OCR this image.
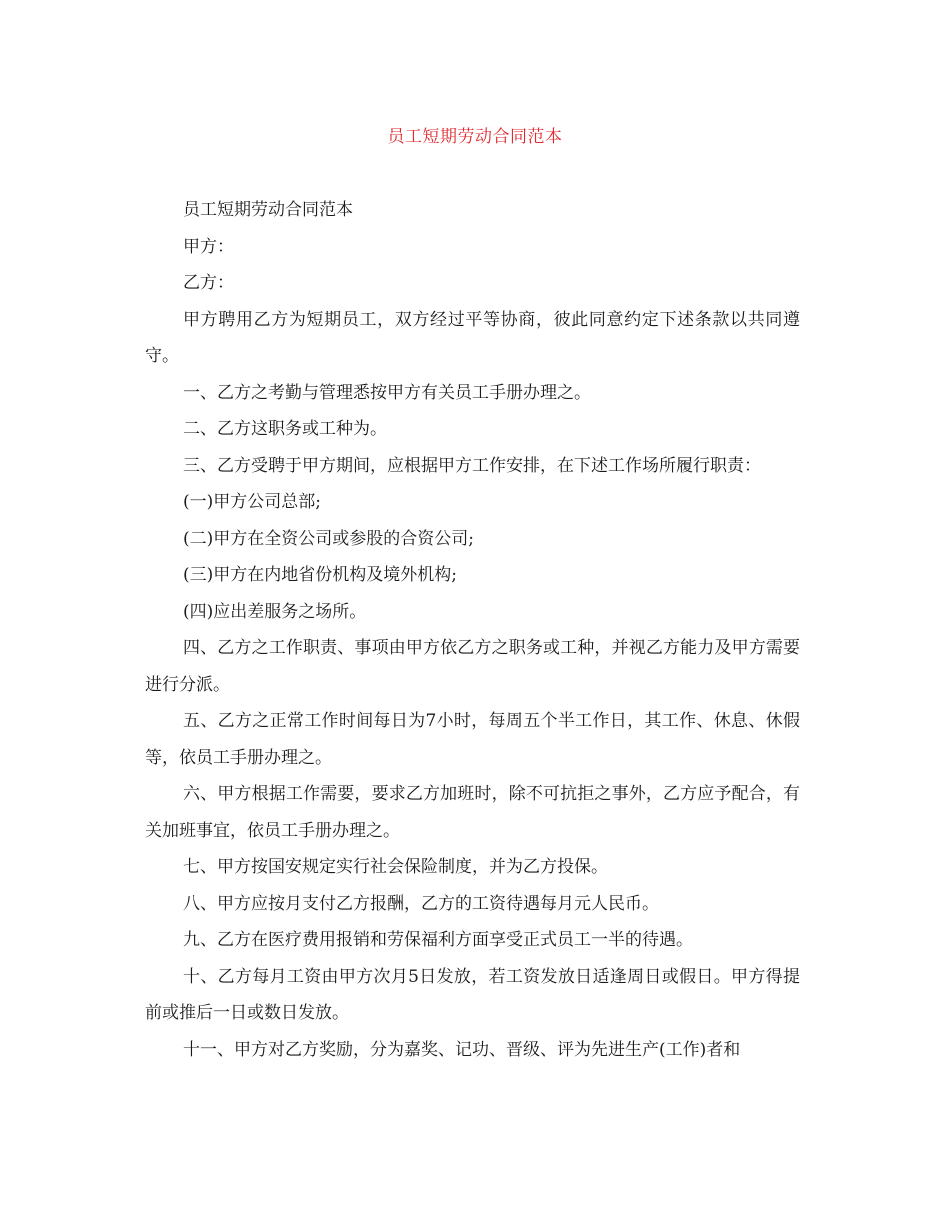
员工短期劳动合同范本

员工短期劳动合同范本

甲方：

乙方：

甲方聘用乙方为短期员工，双方经过平等协商，彼此同意约定下述条款以共同遵守。

一、乙方之考勤与管理悉按甲方有关员工手册办理之。

二、乙方这职务或工种为。

三、乙方受聘于甲方期间，应根据甲方工作安排，在下述工作场所履行职责：

(一)甲方公司总部;

(二)甲方在全资公司或参股的合资公司;

(三)甲方在内地省份机构及境外机构;

(四)应出差服务之场所。

四、乙方之工作职责、事项由甲方依乙方之职务或工种，并视乙方能力及甲方需要进行分派。

五、乙方之正常工作时间每日为7小时，每周五个半工作日，其工作、休息、休假等，依员工手册办理之。

六、甲方根据工作需要，要求乙方加班时，除不可抗拒之事外，乙方应予配合，有关加班事宜，依员工手册办理之。

七、甲方按国安规定实行社会保险制度，并为乙方投保。

八、甲方应按月支付乙方报酬，乙方的工资待遇每月元人民币。

九、乙方在医疗费用报销和劳保福利方面享受正式员工一半的待遇。

十、乙方每月工资由甲方次月5日发放，若工资发放日适逢周日或假日。甲方得提前或推后一日或数日发放。

十一、甲方对乙方奖励，分为嘉奖、记功、晋级、评为先进生产(工作)者和
